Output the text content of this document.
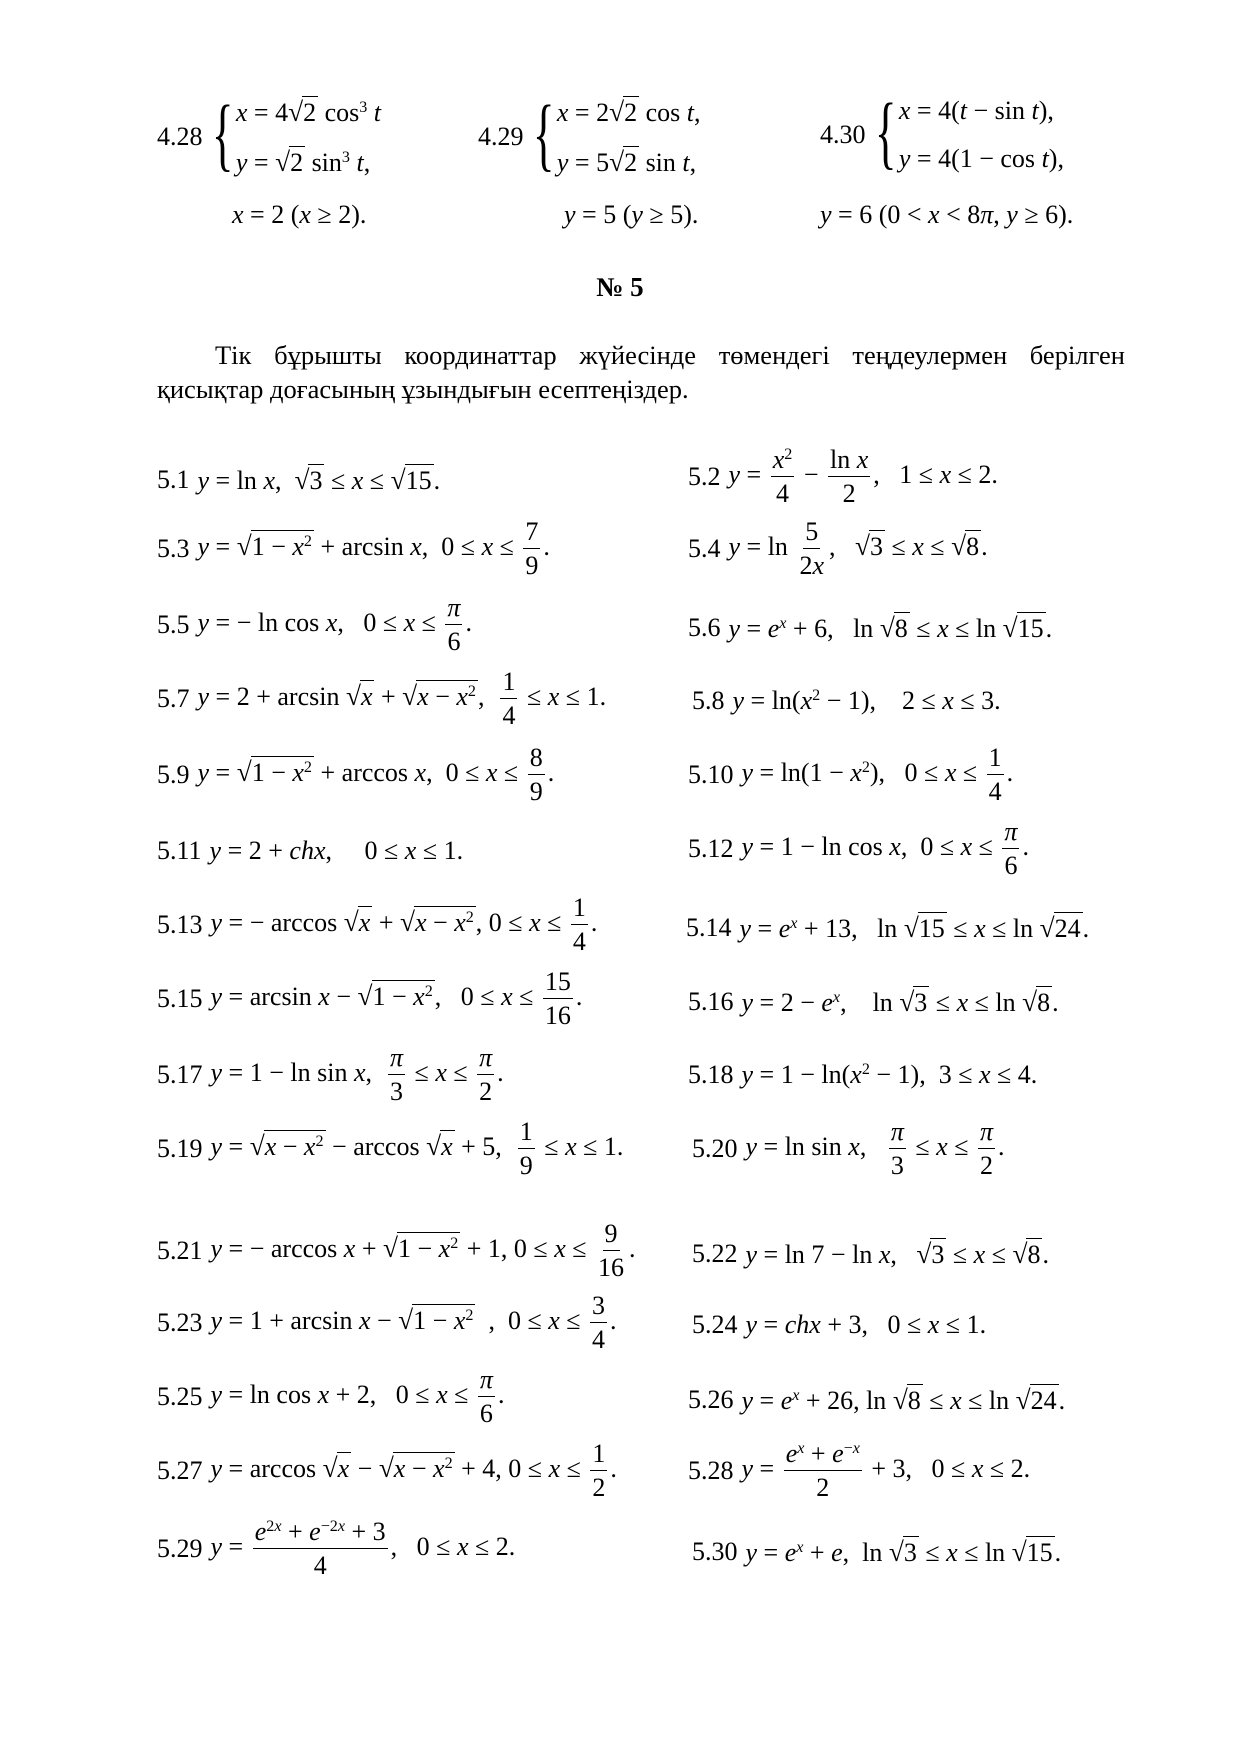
4.28 { x = 4 √ 2 $\cos^3 t$
y = √ 2 $\sin^3 t$,
x = 2 (x ≥ 2).
4.29 { x = 2 √ 2 cos t,
y = 5 √ 2 sin t,
y = 5 (y ≥ 5).
4.30 { x = 4(t − sin t),
y = 4(1 − cos t),
y = 6 (0 < x < 8π, y ≥ 6).
№ 5
Тік бұрышты координаттар жүйесінде төмендегі теңдеулермен берілген қисықтар доғасының ұзындығын есептеңіздер.
5.1 y = ln x, √ 3 ≤ x ≤ √ 15 .	5.2 $y = \frac{x^2}{4} - \frac{\text{ln x}}{2}$ ,   1 ≤ x ≤ 2.
5.3 y = √ $1 - x^2 + \arcsin x$,  $0 \le x \le \frac{7}{9}$ .	5.4 $y = \ln \frac{5}{2x}$ , √ 3 ≤ x ≤ √ 8 .
5.5 y = − ln cos x,   $0 \le x \le \frac{\pi}{6}$ .	5.6 $y = e^x + 6$,   ln √ 8 ≤ x ≤ ln √ 15 .
5.7 y = 2 + arcsin √ x + √ $x - x^2$ , $\frac{1}{4} \le x \le 1$.	5.8 $y = \ln(x^2 - 1)$,    2 ≤ x ≤ 3.
5.9 y = √ $1 - x^2 + \arccos x$,  $0 \le x \le \frac{8}{9}$ .	5.10 $y = \ln(1 - x^2)$,   $0 \le x \le \frac{1}{4}$ .
5.11 y = 2 + chx,     0 ≤ x ≤ 1.	5.12 y = 1 − ln cos x,  $0 \le x \le \frac{\pi}{6}$ .
5.13 y = − arccos √ x + √ $x - x^2$ , $0 \le x \le \frac{1}{4}$ .	5.14 $y = e^x + 13$,   ln √ 15 ≤ x ≤ ln √ 24 .
5.15 y = arcsin x − √ $1 - x^2$ ,   $0 \le x \le \frac{15}{16}$ .	5.16 $y = 2 - e^x$,    ln √ 3 ≤ x ≤ ln √ 8 .
5.17 y = 1 − ln sin x, $\frac{\pi}{3} \le x \le \frac{\pi}{2}$ .	5.18 $y = 1 - \ln(x^2 - 1)$,  3 ≤ x ≤ 4.
5.19 y = √ $x - x^2 - \arccos$ √ x + 5, $\frac{1}{9} \le x \le 1$.	5.20 y = ln sin x, $\frac{\pi}{3} \le x \le \frac{\pi}{2}$ .
5.21 y = − arccos x + √ $1 - x^2 + 1$, $0 \le x \le \frac{9}{16}$ . 5.22 y = ln 7 − ln x, √ 3 ≤ x ≤ √ 8 .
5.23 y = 1 + arcsin x − √ $1 - x^2$ ,  $0 \le x \le \frac{3}{4}$ .	5.24 y = chx + 3,   0 ≤ x ≤ 1.
5.25 y = ln cos x + 2,   $0 \le x \le \frac{\pi}{6}$ .	5.26 $y = e^x + 26$, ln √ 8 ≤ x ≤ ln √ 24 .
5.27 y = arccos √ x − √ $x - x^2 + 4$, $0 \le x \le \frac{1}{2}$ .	5.28 $y = \frac{e^x + e^{-x}}{2} + 3$,   0 ≤ x ≤ 2.
5.29 $y = \frac{e^{2x} + e^{-2x} + 3}{4}$ ,   0 ≤ x ≤ 2.	5.30 $y = e^x + e$,  ln √ 3 ≤ x ≤ ln √ 15 .
